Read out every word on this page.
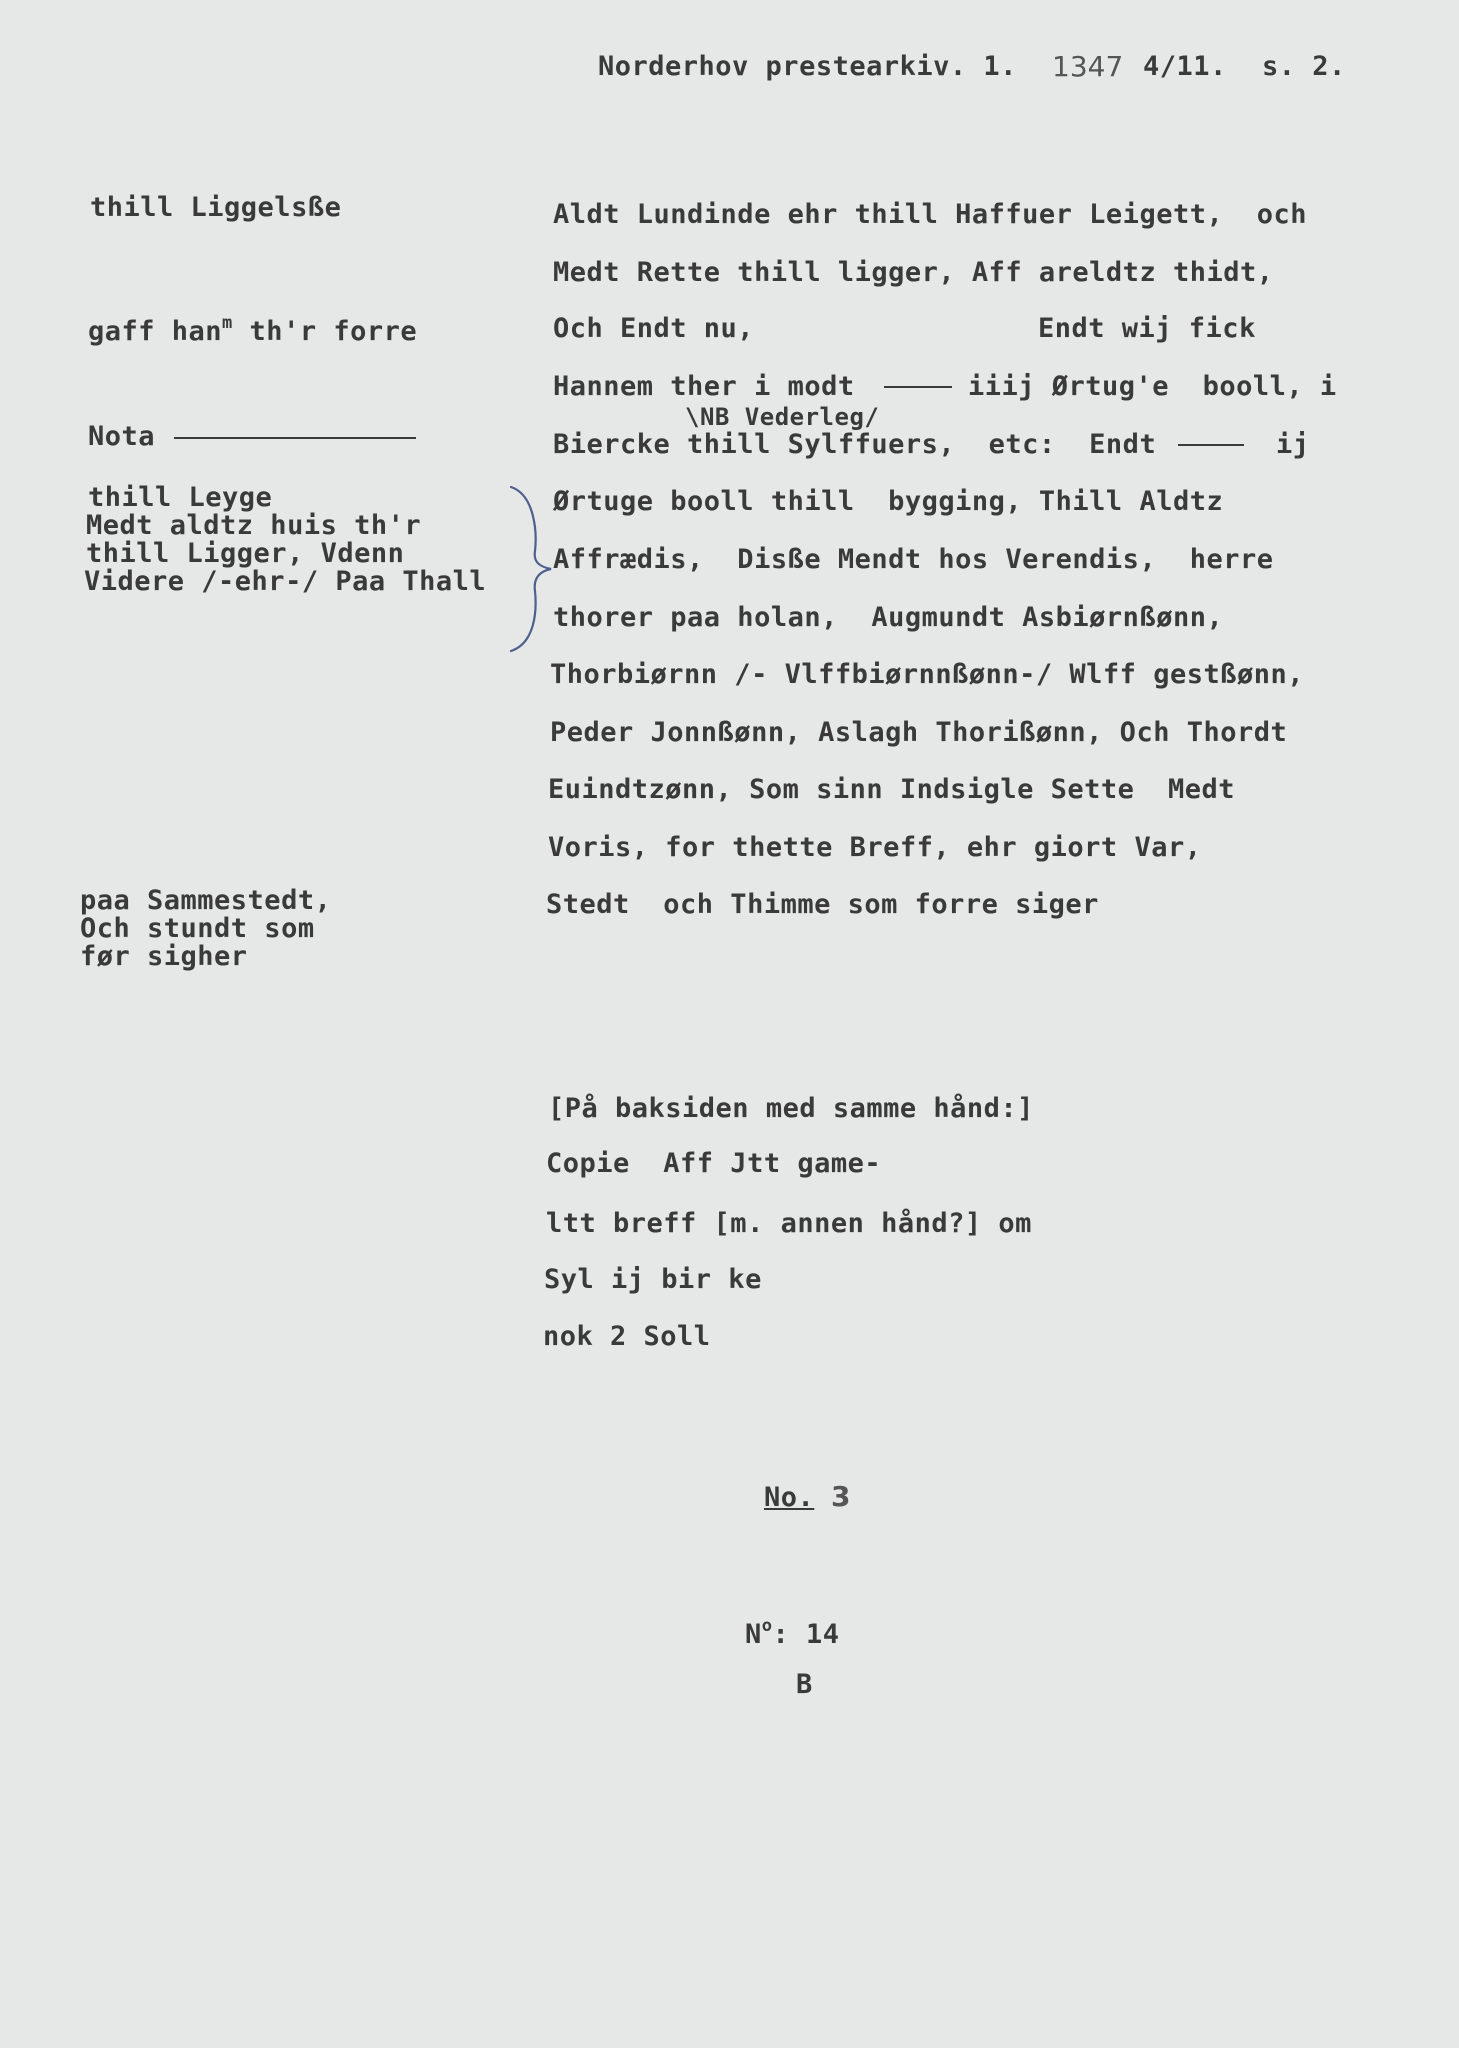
Norderhov prestearkiv. 1. 1347 4/11. s. 2.
thill Liggelsße
gaff han$^m$ th'r forre
Nota
thill Leyge
Medt aldtz huis th'r
thill Ligger, Vdenn
Videre /-ehr-/ Paa Thall
paa Sammestedt,
Och stundt som
før sigher
Aldt Lundinde ehr thill Haffuer Leigett,  och
Medt Rette thill ligger, Aff areldtz thidt,
Och Endt nu,	Endt wij fick
Hannem ther i modt	iiij Ørtug'e  booll, i
\NB Vederleg/
Biercke thill Sylffuers,  etc:  Endt	ij
Ørtuge booll thill  bygging, Thill Aldtz
Affrædis,  Disße Mendt hos Verendis,  herre
thorer paa holan,  Augmundt Asbiørnßønn,
Thorbiørnn /- Vlffbiørnnßønn-/ Wlff gestßønn,
Peder Jonnßønn, Aslagh Thorißønn, Och Thordt
Euindtzønn, Som sinn Indsigle Sette  Medt
Voris, for thette Breff, ehr giort Var,
Stedt  och Thimme som forre siger
[På baksiden med samme hånd:]
Copie  Aff Jtt game-
ltt breff [m. annen hånd?] om
Syl ij bir ke
nok 2 Soll
No. 3
$N^o$: 14
B
